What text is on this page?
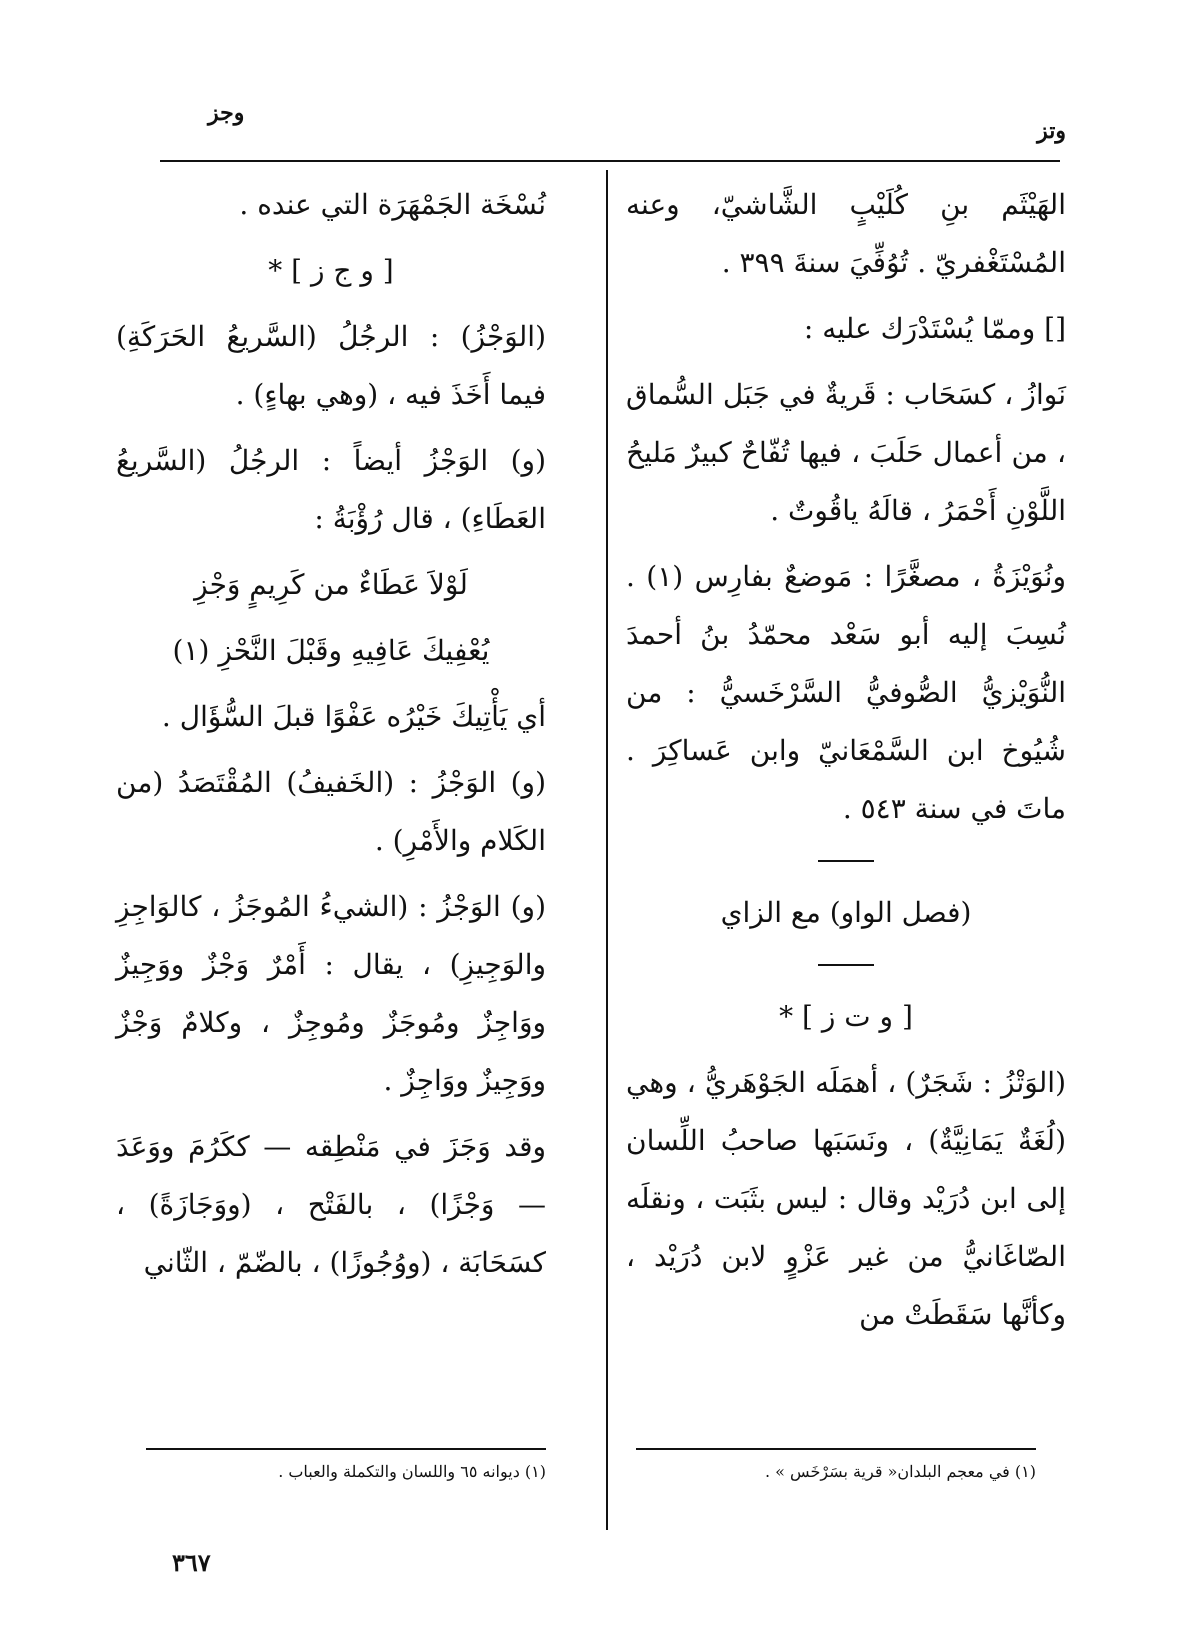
وتز
وجز

الهَيْثَم بنِ كُلَيْبٍ الشَّاشيّ، وعنه المُسْتَغْفريّ . تُوُفِّيَ سنةَ ٣٩٩ .

[] وممّا يُسْتَدْرَك عليه :

نَوازُ ، كسَحَاب : قَريةٌ في جَبَل السُّماق ، من أعمال حَلَبَ ، فيها تُفّاحٌ كبيرٌ مَليحُ اللَّوْنِ أَحْمَرُ ، قالَهُ ياقُوتٌ .

ونُوَيْزَةُ ، مصغَّرًا : مَوضعٌ بفارِس (١) . نُسِبَ إليه أبو سَعْد محمّدُ بنُ أحمدَ النُّوَيْزيُّ الصُّوفيُّ السَّرْخَسيُّ : من شُيُوخ ابن السَّمْعَانيّ وابن عَساكِرَ . ماتَ في سنة ٥٤٣ .

(فصل الواو) مع الزاي

[ و ت ز ] *

(الوَتْزُ : شَجَرٌ) ، أهمَلَه الجَوْهَريُّ ، وهي (لُغَةٌ يَمَانِيَّةٌ) ، ونَسَبَها صاحبُ اللِّسان إلى ابن دُرَيْد وقال : ليس بثَبَت ، ونقلَه الصّاغَانيُّ من غير عَزْوٍ لابن دُرَيْد ، وكأنَّها سَقَطَتْ من

نُسْخَة الجَمْهَرَة التي عنده .

[ و ج ز ] *

(الوَجْزُ) : الرجُلُ (السَّريعُ الحَرَكَةِ) فيما أَخَذَ فيه ، (وهي بهاءٍ) .

(و) الوَجْزُ أيضاً : الرجُلُ (السَّريعُ العَطَاءِ) ، قال رُؤْبَةُ :

لَوْلاَ عَطَاءٌ من كَرِيمٍ وَجْزِ

يُعْفِيكَ عَافِيهِ وقَبْلَ النَّحْزِ (١)

أي يَأْتِيكَ خَيْرُه عَفْوًا قبلَ السُّؤَال .

(و) الوَجْزُ : (الخَفيفُ) المُقْتَصَدُ (من الكَلام والأَمْرِ) .

(و) الوَجْزُ : (الشيءُ المُوجَزُ ، كالوَاجِزِ والوَجِيزِ) ، يقال : أَمْرٌ وَجْزٌ ووَجِيزٌ ووَاجِزٌ ومُوجَزٌ ومُوجِزٌ ، وكلامٌ وَجْزٌ ووَجِيزٌ ووَاجِزٌ .

وقد وَجَزَ في مَنْطِقه — ككَرُمَ ووَعَدَ — وَجْزًا) ، بالفَتْح ، (ووَجَازَةً) ، كسَحَابَة ، (ووُجُوزًا) ، بالضّمّ ، الثّاني

(١) في معجم البلدان« قرية بسَرْخَس » .
(١) ديوانه ٦٥ واللسان والتكملة والعباب .
٣٦٧
